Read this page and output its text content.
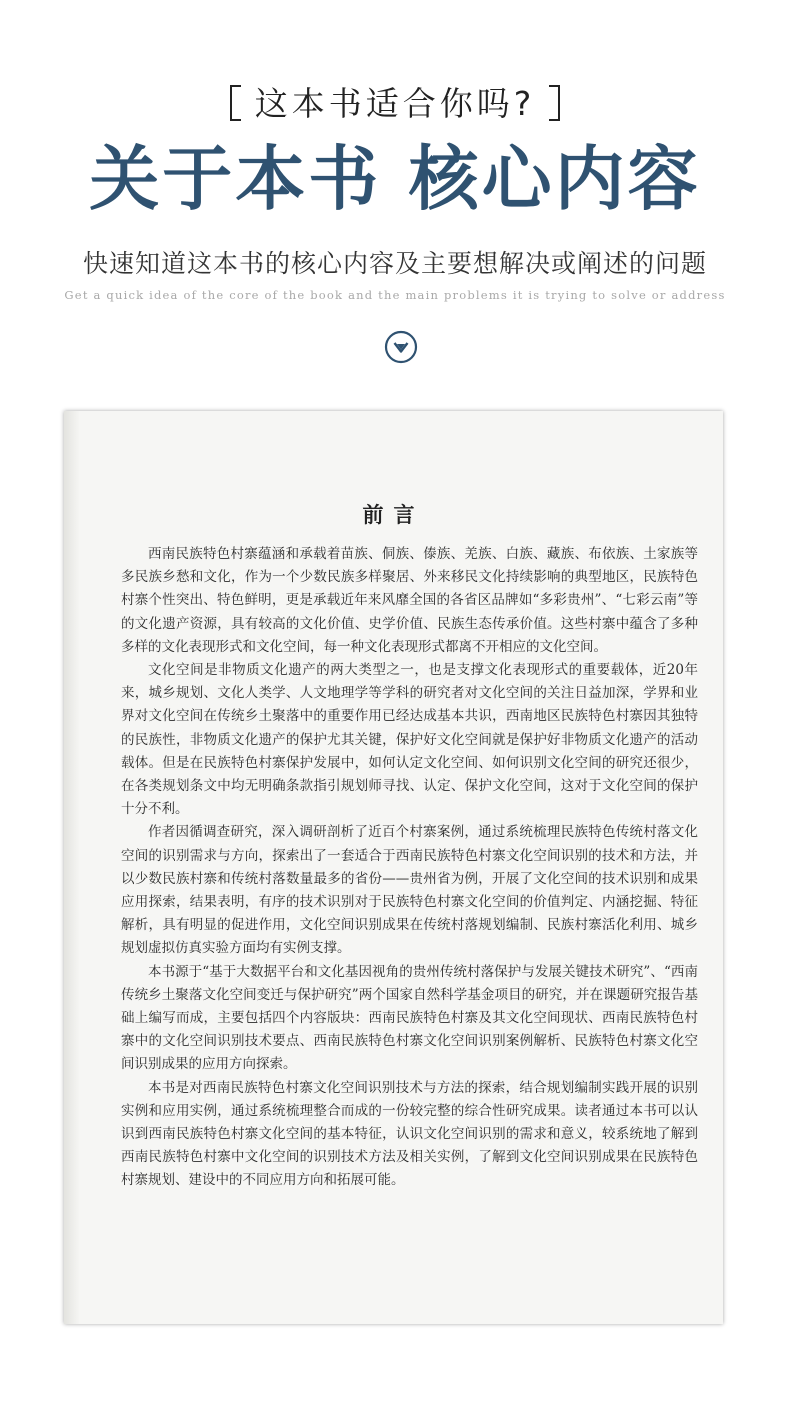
这本书适合你吗?
关于本书 核心内容
快速知道这本书的核心内容及主要想解决或阐述的问题
Get a quick idea of the core of the book and the main problems it is trying to solve or address
前言

西南民族特色村寨蕴涵和承载着苗族、侗族、傣族、羌族、白族、藏族、布依族、土家族等多民族乡愁和文化，作为一个少数民族多样聚居、外来移民文化持续影响的典型地区，民族特色村寨个性突出、特色鲜明，更是承载近年来风靡全国的各省区品牌如“多彩贵州”、“七彩云南”等的文化遗产资源，具有较高的文化价值、史学价值、民族生态传承价值。这些村寨中蕴含了多种多样的文化表现形式和文化空间，每一种文化表现形式都离不开相应的文化空间。

文化空间是非物质文化遗产的两大类型之一，也是支撑文化表现形式的重要载体，近20年来，城乡规划、文化人类学、人文地理学等学科的研究者对文化空间的关注日益加深，学界和业界对文化空间在传统乡土聚落中的重要作用已经达成基本共识，西南地区民族特色村寨因其独特的民族性，非物质文化遗产的保护尤其关键，保护好文化空间就是保护好非物质文化遗产的活动载体。但是在民族特色村寨保护发展中，如何认定文化空间、如何识别文化空间的研究还很少，在各类规划条文中均无明确条款指引规划师寻找、认定、保护文化空间，这对于文化空间的保护十分不利。

作者因循调查研究，深入调研剖析了近百个村寨案例，通过系统梳理民族特色传统村落文化空间的识别需求与方向，探索出了一套适合于西南民族特色村寨文化空间识别的技术和方法，并以少数民族村寨和传统村落数量最多的省份——贵州省为例，开展了文化空间的技术识别和成果应用探索，结果表明，有序的技术识别对于民族特色村寨文化空间的价值判定、内涵挖掘、特征解析，具有明显的促进作用，文化空间识别成果在传统村落规划编制、民族村寨活化利用、城乡规划虚拟仿真实验方面均有实例支撑。

本书源于“基于大数据平台和文化基因视角的贵州传统村落保护与发展关键技术研究”、“西南传统乡土聚落文化空间变迁与保护研究”两个国家自然科学基金项目的研究，并在课题研究报告基础上编写而成，主要包括四个内容版块：西南民族特色村寨及其文化空间现状、西南民族特色村寨中的文化空间识别技术要点、西南民族特色村寨文化空间识别案例解析、民族特色村寨文化空间识别成果的应用方向探索。

本书是对西南民族特色村寨文化空间识别技术与方法的探索，结合规划编制实践开展的识别实例和应用实例，通过系统梳理整合而成的一份较完整的综合性研究成果。读者通过本书可以认识到西南民族特色村寨文化空间的基本特征，认识文化空间识别的需求和意义，较系统地了解到西南民族特色村寨中文化空间的识别技术方法及相关实例，了解到文化空间识别成果在民族特色村寨规划、建设中的不同应用方向和拓展可能。
